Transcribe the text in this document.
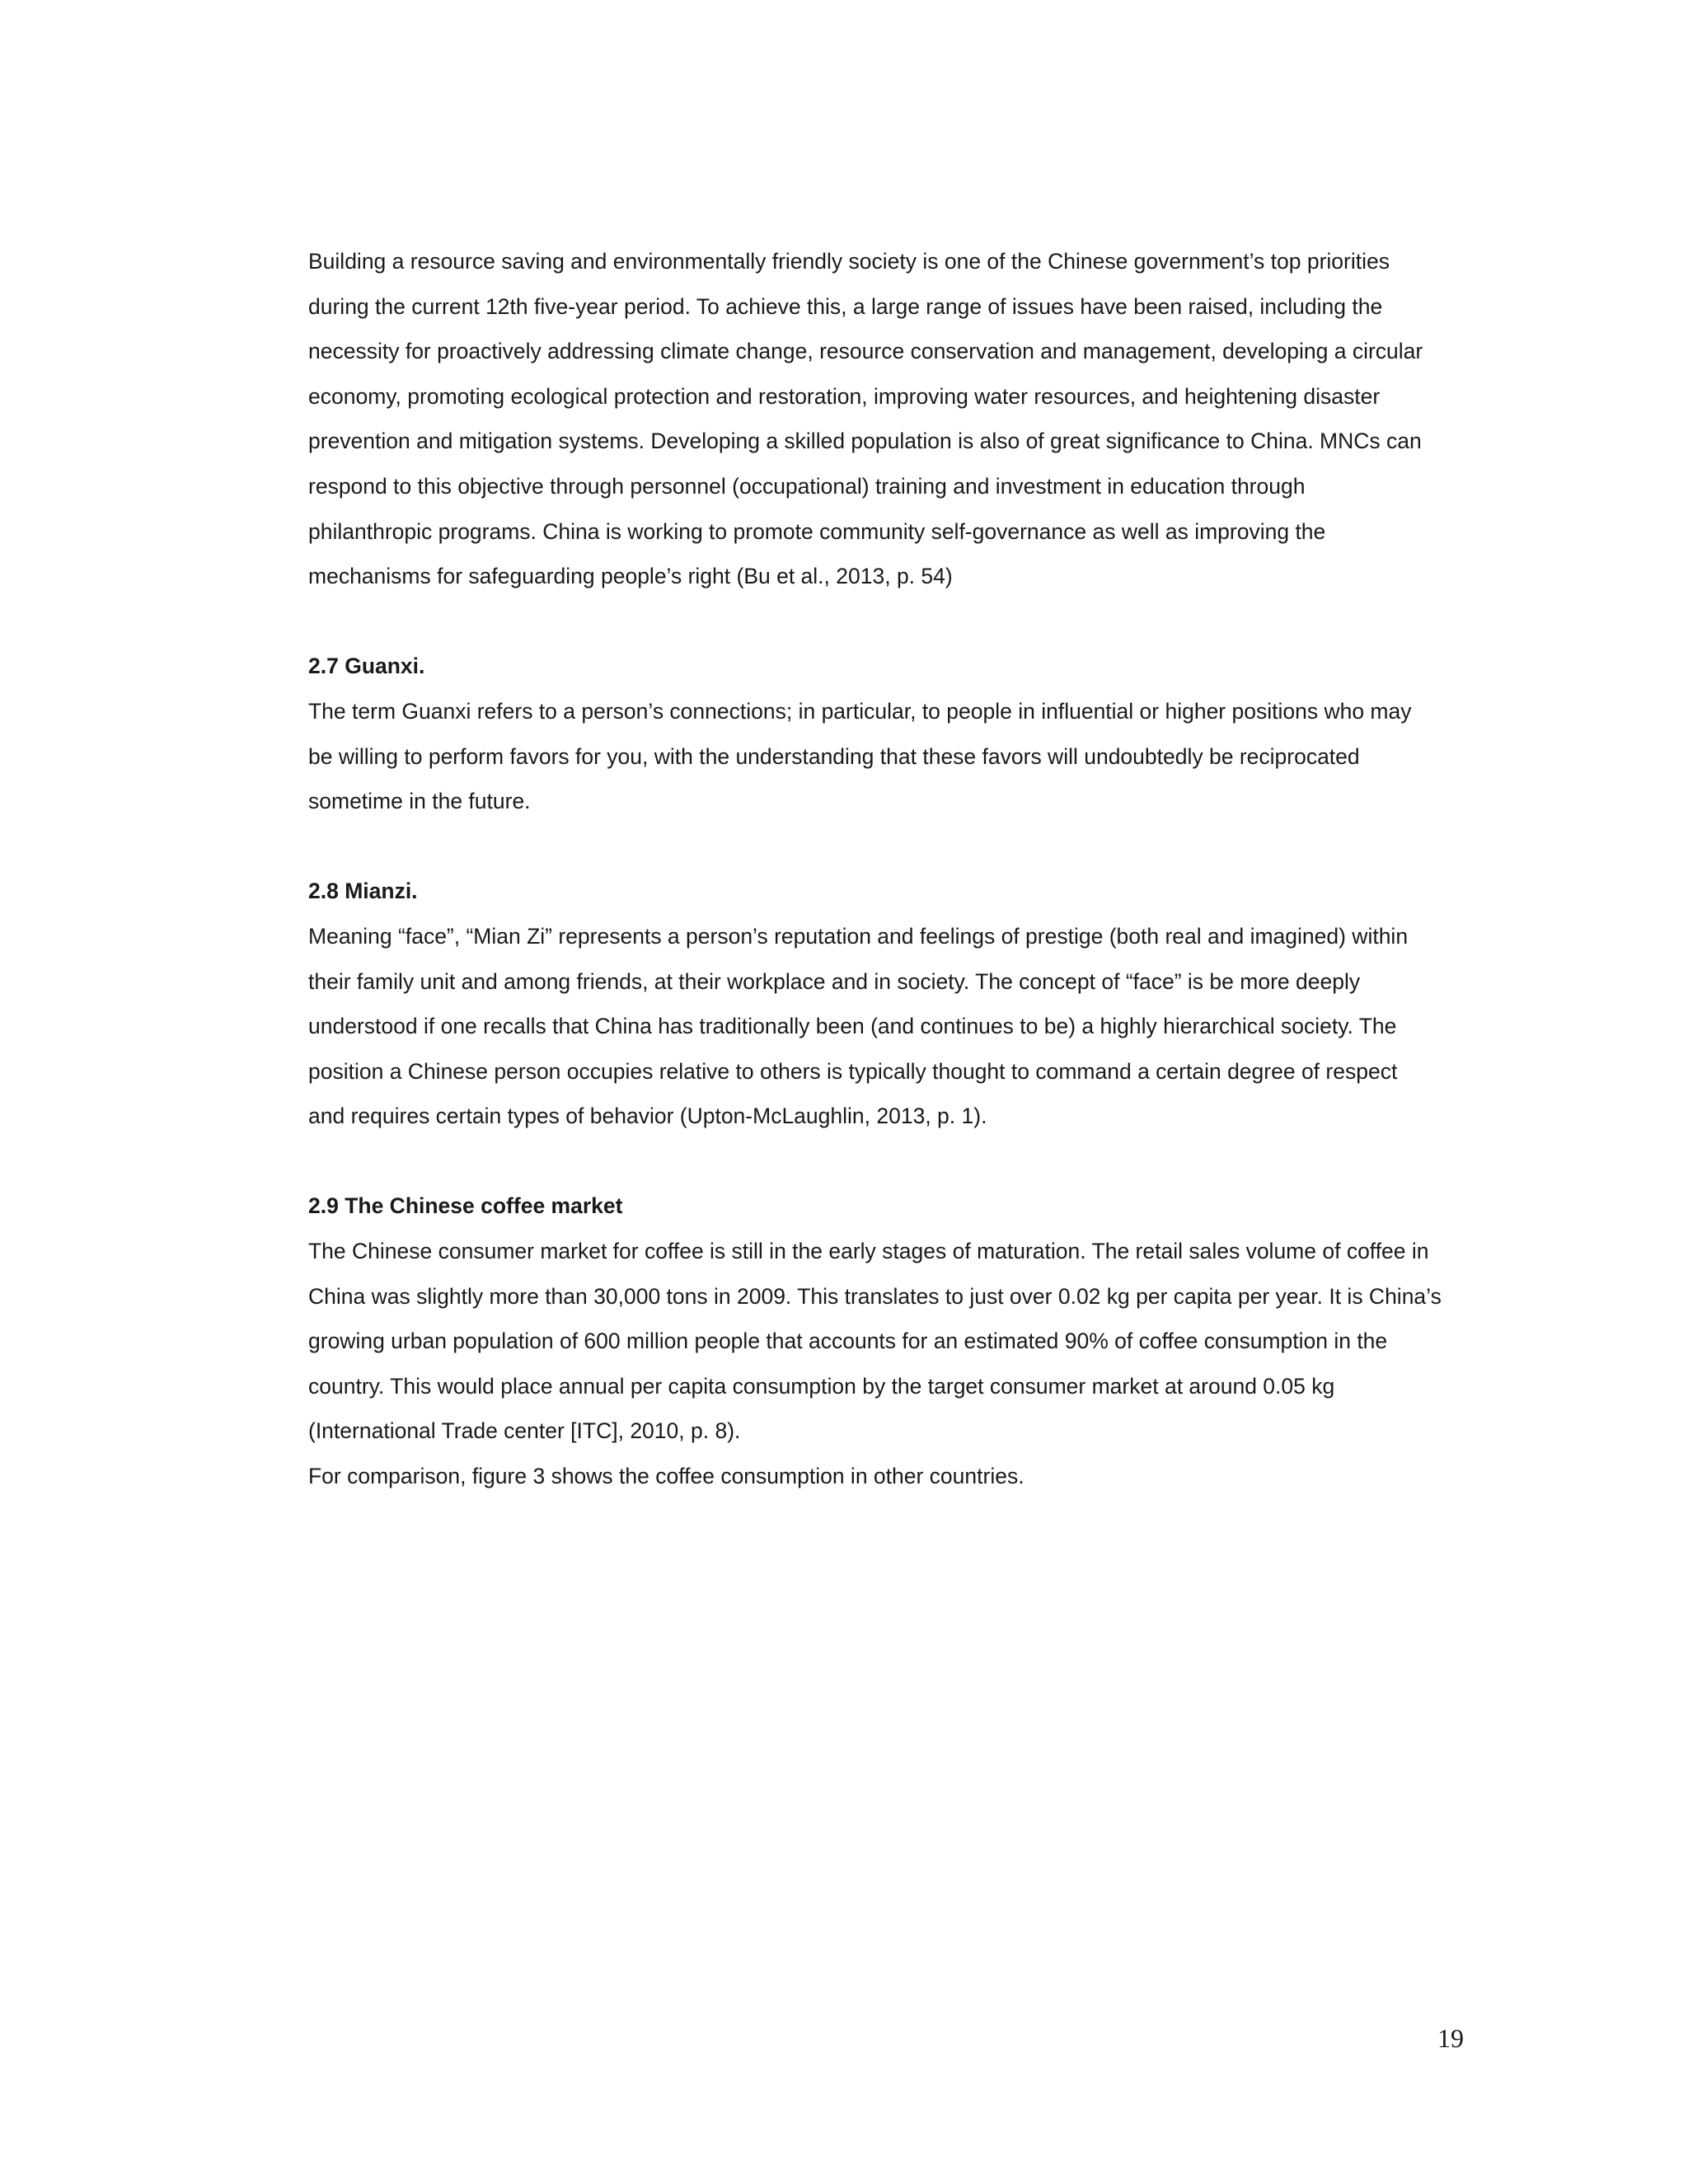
Building a resource saving and environmentally friendly society is one of the Chinese government’s top priorities
during the current 12th five-year period. To achieve this, a large range of issues have been raised, including the
necessity for proactively addressing climate change, resource conservation and management, developing a circular
economy, promoting ecological protection and restoration, improving water resources, and heightening disaster
prevention and mitigation systems. Developing a skilled population is also of great significance to China. MNCs can
respond to this objective through personnel (occupational) training and investment in education through
philanthropic programs. China is working to promote community self-governance as well as improving the
mechanisms for safeguarding people’s right (Bu et al., 2013, p. 54)

2.7 Guanxi.

The term Guanxi refers to a person’s connections; in particular, to people in influential or higher positions who may
be willing to perform favors for you, with the understanding that these favors will undoubtedly be reciprocated
sometime in the future.

2.8 Mianzi.

Meaning “face”, “Mian Zi” represents a person’s reputation and feelings of prestige (both real and imagined) within
their family unit and among friends, at their workplace and in society. The concept of “face” is be more deeply
understood if one recalls that China has traditionally been (and continues to be) a highly hierarchical society. The
position a Chinese person occupies relative to others is typically thought to command a certain degree of respect
and requires certain types of behavior (Upton-McLaughlin, 2013, p. 1).

2.9 The Chinese coffee market

The Chinese consumer market for coffee is still in the early stages of maturation. The retail sales volume of coffee in
China was slightly more than 30,000 tons in 2009. This translates to just over 0.02 kg per capita per year. It is China’s
growing urban population of 600 million people that accounts for an estimated 90% of coffee consumption in the
country. This would place annual per capita consumption by the target consumer market at around 0.05 kg
(International Trade center [ITC], 2010, p. 8).

For comparison, figure 3 shows the coffee consumption in other countries.

19
